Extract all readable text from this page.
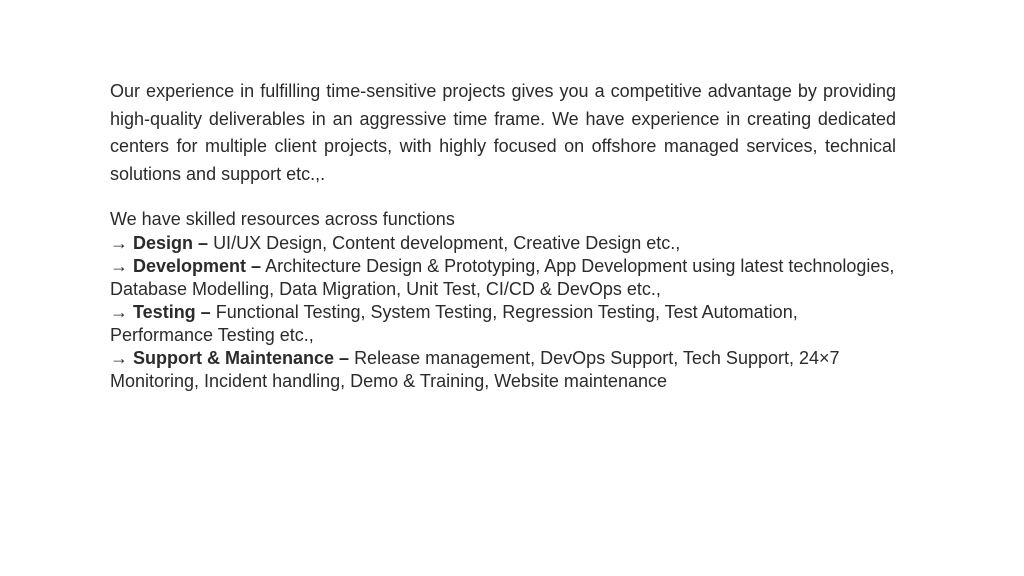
Our experience in fulfilling time-sensitive projects gives you a competitive advantage by providing high-quality deliverables in an aggressive time frame. We have experience in creating dedicated centers for multiple client projects, with highly focused on offshore managed services, technical solutions and support etc.,.

We have skilled resources across functions
→ Design – UI/UX Design, Content development, Creative Design etc.,
→ Development – Architecture Design & Prototyping, App Development using latest technologies, Database Modelling, Data Migration, Unit Test, CI/CD & DevOps etc.,
→ Testing – Functional Testing, System Testing, Regression Testing, Test Automation, Performance Testing etc.,
→ Support & Maintenance – Release management, DevOps Support, Tech Support, 24×7 Monitoring, Incident handling, Demo & Training, Website maintenance
